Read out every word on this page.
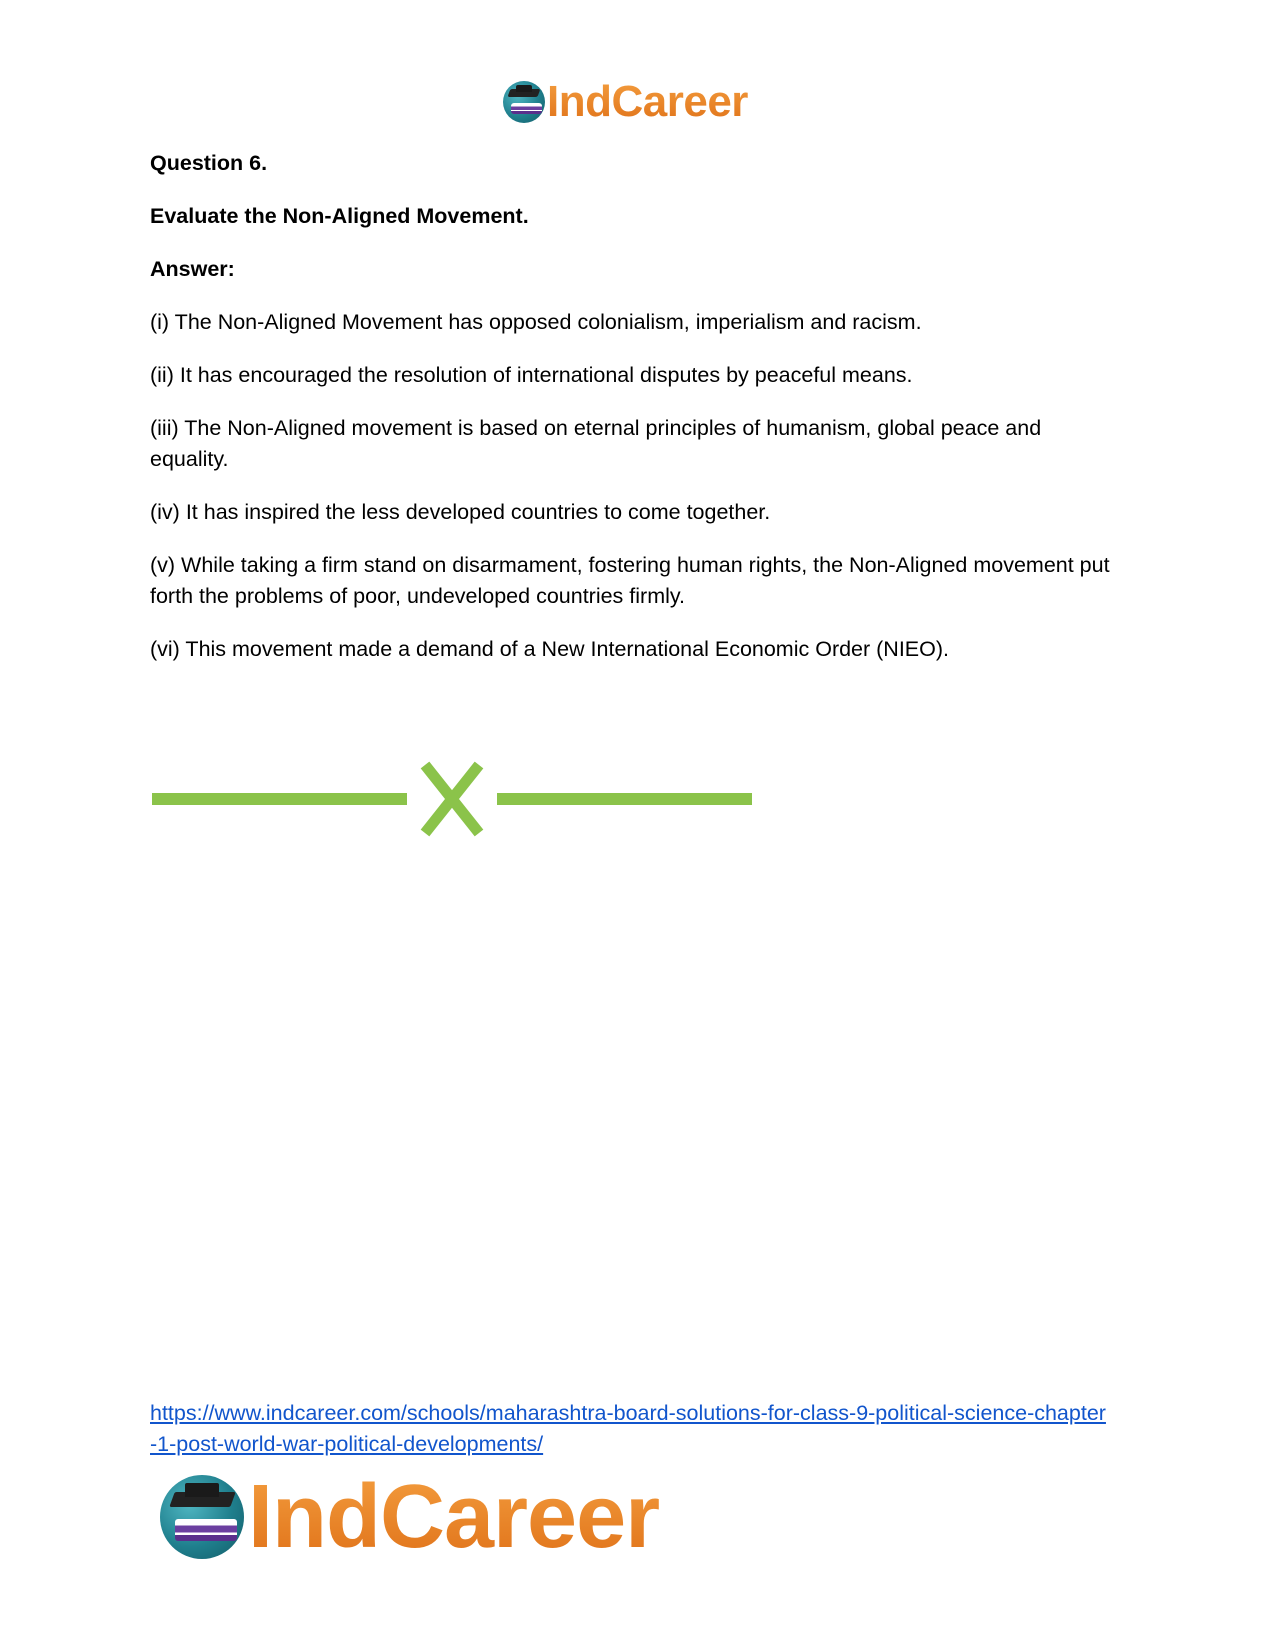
IndCareer

Question 6.

Evaluate the Non-Aligned Movement.

Answer:

(i) The Non-Aligned Movement has opposed colonialism, imperialism and racism.

(ii) It has encouraged the resolution of international disputes by peaceful means.

(iii) The Non-Aligned movement is based on eternal principles of humanism, global peace and equality.

(iv) It has inspired the less developed countries to come together.

(v) While taking a firm stand on disarmament, fostering human rights, the Non-Aligned movement put forth the problems of poor, undeveloped countries firmly.

(vi) This movement made a demand of a New International Economic Order (NIEO).

https://www.indcareer.com/schools/maharashtra-board-solutions-for-class-9-political-science-chapter-1-post-world-war-political-developments/
IndCareer
